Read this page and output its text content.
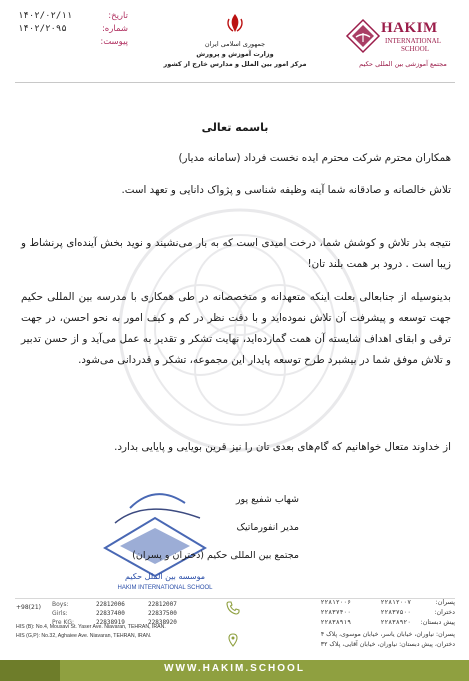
تاریخ:
۱۴۰۲/۰۲/۱۱
شماره:
۱۴۰۲/۲۰۹۵
پیوست:	جمهوری اسلامی ایران
وزارت آموزش و پرورش
مرکز امور بین الملل و مدارس خارج از کشور
HAKIM
INTERNATIONAL
SCHOOL
مجتمع آموزشی بین المللی حکیم
باسمه تعالی
همکاران محترم شرکت محترم ایده نخست فرداد (سامانه مدیار)
تلاش خالصانه و صادقانه شما آینه وظیفه شناسی و پژواک دانایی و تعهد است.
نتیجه بذر تلاش و کوشش شما، درخت امیدی است که به بار می‌نشیند و نوید بخش آینده‌ای پرنشاط و زیبا است . درود بر همت بلند تان!
بدینوسیله از جنابعالی بعلت اینکه متعهدانه و متخصصانه در طی همکاری با مدرسه بین المللی حکیم جهت توسعه و پیشرفت آن تلاش نموده‌اید و با دقت نظر در کم و کیف امور به نحو احسن، در جهت ترقی و ابقای اهداف شایسته آن همت گمارده‌اید، نهایت تشکر و تقدیر به عمل می‌آید و از حسن تدبیر و تلاش موفق شما در بیشبرد طرح توسعه پایدار این مجموعه، تشکر و قدردانی می‌شود.
از خداوند متعال خواهانیم که گام‌های بعدی تان را نیز قرین بویایی و پایایی بدارد.
موسسه بین الملل حکیم
HAKIM INTERNATIONAL SCHOOL
شهاب شفیع پور
مدیر انفورماتیک
مجتمع بین المللی حکیم (دختران و پسران)
+98(21) Boys:	22812006	22812007
Girls:	22837400	22837500
Pre KG:	22838919	22838920
HIS (B): No.4, Mousavi St. Yaser Ave. Niavaran, TEHRAN, IRAN.
HIS (G,P): No.32, Aghaiee Ave. Niavaran, TEHRAN, IRAN.

پسران:
۲۲۸۱۲۰۰۷
۲۲۸۱۲۰۰۶
دختران:
۲۲۸۳۷۵۰۰
۲۲۸۳۷۴۰۰
پیش دبستان:
۲۲۸۳۸۹۲۰
۲۲۸۳۸۹۱۹
پسران: نیاوران، خیابان یاسر، خیابان موسوی، پلاک ۴
دختران، پیش دبستان: نیاوران، خیابان آقایی، پلاک ۳۲
WWW.HAKIM.SCHOOL
